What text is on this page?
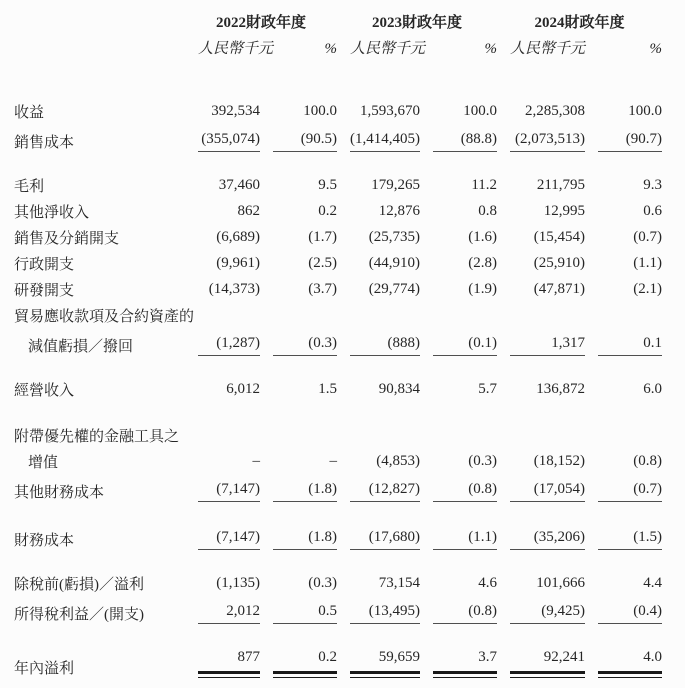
	2022財政年度		2023財政年度		2024財政年度	
	人民幣千元	%	人民幣千元	%	人民幣千元	%

收益	392,534	100.0	1,593,670	100.0	2,285,308	100.0

銷售成本	(355,074)	(90.5)	(1,414,405)	(88.8)	(2,073,513)	(90.7)

毛利	37,460	9.5	179,265	11.2	211,795	9.3

其他淨收入	862	0.2	12,876	0.8	12,995	0.6

銷售及分銷開支	(6,689)	(1.7)	(25,735)	(1.6)	(15,454)	(0.7)

行政開支	(9,961)	(2.5)	(44,910)	(2.8)	(25,910)	(1.1)

研發開支	(14,373)	(3.7)	(29,774)	(1.9)	(47,871)	(2.1)

貿易應收款項及合約資產的						
減值虧損／撥回	(1,287)	(0.3)	(888)	(0.1)	1,317	0.1

經營收入	6,012	1.5	90,834	5.7	136,872	6.0

附帶優先權的金融工具之						
增值	–	–	(4,853)	(0.3)	(18,152)	(0.8)

其他財務成本	(7,147)	(1.8)	(12,827)	(0.8)	(17,054)	(0.7)

財務成本	(7,147)	(1.8)	(17,680)	(1.1)	(35,206)	(1.5)

除稅前(虧損)／溢利	(1,135)	(0.3)	73,154	4.6	101,666	4.4

所得稅利益／(開支)	2,012	0.5	(13,495)	(0.8)	(9,425)	(0.4)

年內溢利	877	0.2	59,659	3.7	92,241	4.0
